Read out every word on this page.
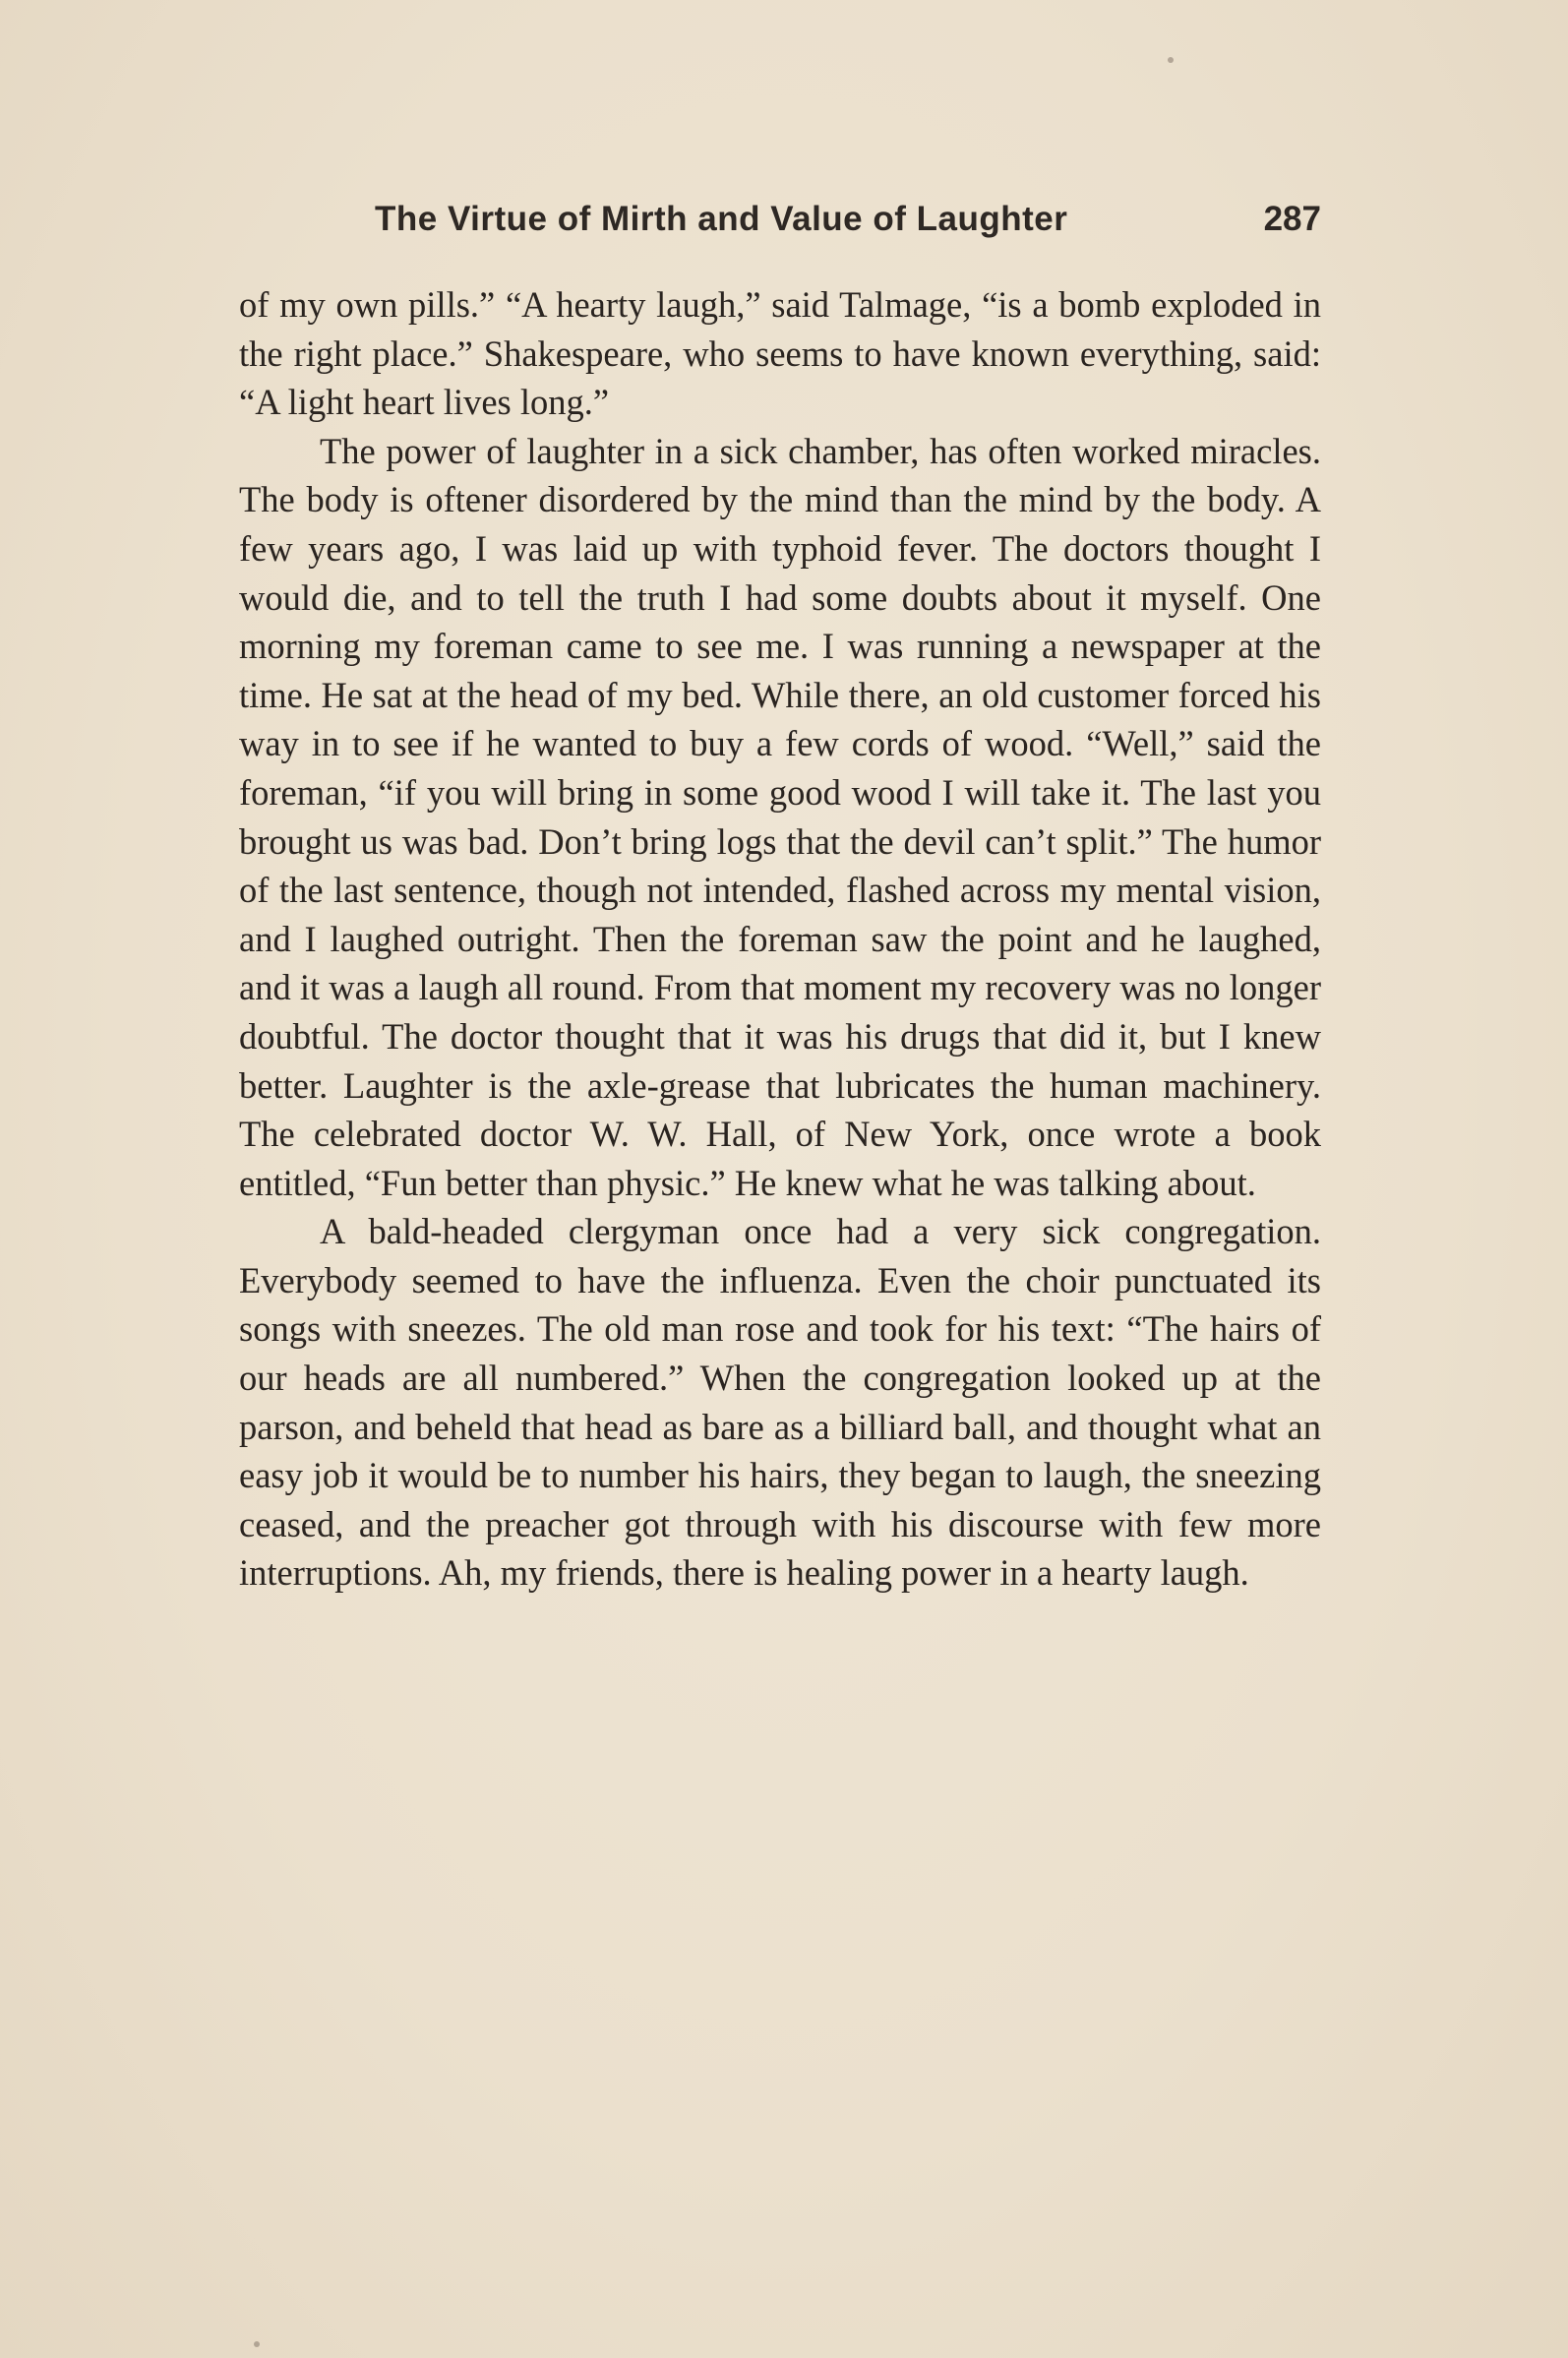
The Virtue of Mirth and Value of Laughter	287

of my own pills.” “A hearty laugh,” said Talmage, “is a bomb exploded in the right place.” Shakespeare, who seems to have known everything, said: “A light heart lives long.”

The power of laughter in a sick chamber, has often worked miracles. The body is oftener disordered by the mind than the mind by the body. A few years ago, I was laid up with typhoid fever. The doctors thought I would die, and to tell the truth I had some doubts about it myself. One morning my foreman came to see me. I was running a newspaper at the time. He sat at the head of my bed. While there, an old customer forced his way in to see if he wanted to buy a few cords of wood. “Well,” said the foreman, “if you will bring in some good wood I will take it. The last you brought us was bad. Don’t bring logs that the devil can’t split.” The humor of the last sentence, though not intended, flashed across my mental vision, and I laughed outright. Then the foreman saw the point and he laughed, and it was a laugh all round. From that moment my recovery was no longer doubtful. The doctor thought that it was his drugs that did it, but I knew better. Laughter is the axle-grease that lubricates the human machinery. The celebrated doctor W. W. Hall, of New York, once wrote a book entitled, “Fun better than physic.” He knew what he was talking about.

A bald-headed clergyman once had a very sick congregation. Everybody seemed to have the influenza. Even the choir punctuated its songs with sneezes. The old man rose and took for his text: “The hairs of our heads are all numbered.” When the congregation looked up at the parson, and beheld that head as bare as a billiard ball, and thought what an easy job it would be to number his hairs, they began to laugh, the sneezing ceased, and the preacher got through with his discourse with few more interruptions. Ah, my friends, there is healing power in a hearty laugh.
